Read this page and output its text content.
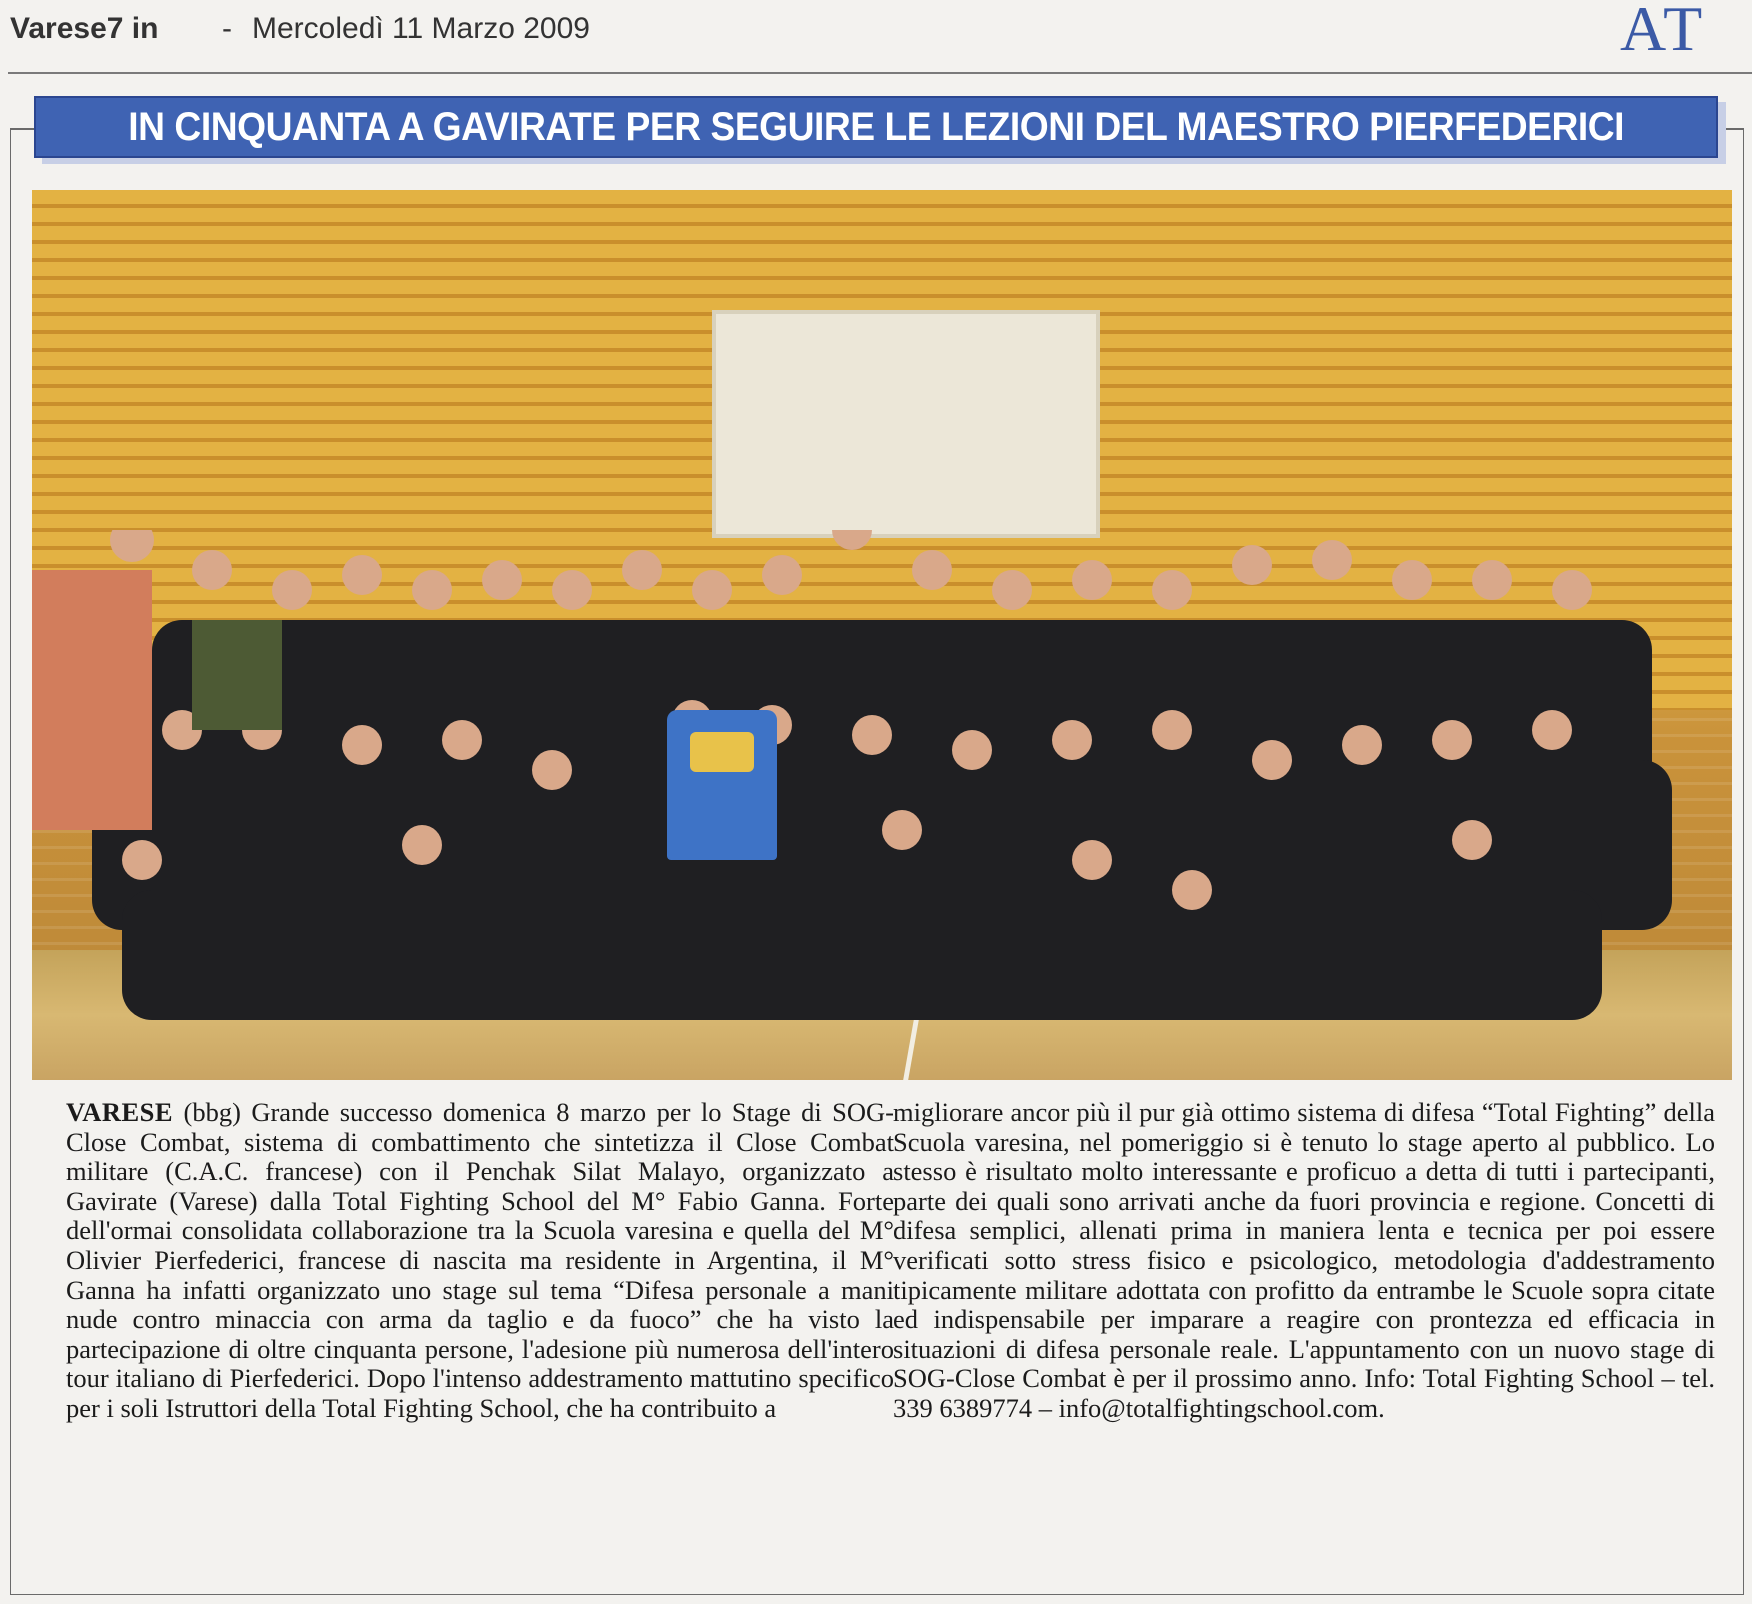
Varese7 in - Mercoledì 11 Marzo 2009	AT
IN CINQUANTA A GAVIRATE PER SEGUIRE LE LEZIONI DEL MAESTRO PIERFEDERICI

VARESE (bbg) Grande successo domenica 8 marzo per lo Stage di SOG-Close Combat, sistema di combattimento che sintetizza il Close Combat militare (C.A.C. francese) con il Penchak Silat Malayo, organizzato a Gavirate (Varese) dalla Total Fighting School del M° Fabio Ganna. Forte dell'ormai consolidata collaborazione tra la Scuola varesina e quella del M° Olivier Pierfederici, francese di nascita ma residente in Argentina, il M° Ganna ha infatti organizzato uno stage sul tema “Difesa personale a mani nude contro minaccia con arma da taglio e da fuoco” che ha visto la partecipazione di oltre cinquanta persone, l'adesione più numerosa dell'intero tour italiano di Pierfederici. Dopo l'intenso addestramento mattutino specifico per i soli Istruttori della Total Fighting School, che ha contribuito a

migliorare ancor più il pur già ottimo sistema di difesa “Total Fighting” della Scuola varesina, nel pomeriggio si è tenuto lo stage aperto al pubblico. Lo stesso è risultato molto interessante e proficuo a detta di tutti i partecipanti, parte dei quali sono arrivati anche da fuori provincia e regione. Concetti di difesa semplici, allenati prima in maniera lenta e tecnica per poi essere verificati sotto stress fisico e psicologico, metodologia d'addestramento tipicamente militare adottata con profitto da entrambe le Scuole sopra citate ed indispensabile per imparare a reagire con prontezza ed efficacia in situazioni di difesa personale reale. L'appuntamento con un nuovo stage di SOG-Close Combat è per il prossimo anno. Info: Total Fighting School – tel. 339 6389774 – info@totalfightingschool.com.
